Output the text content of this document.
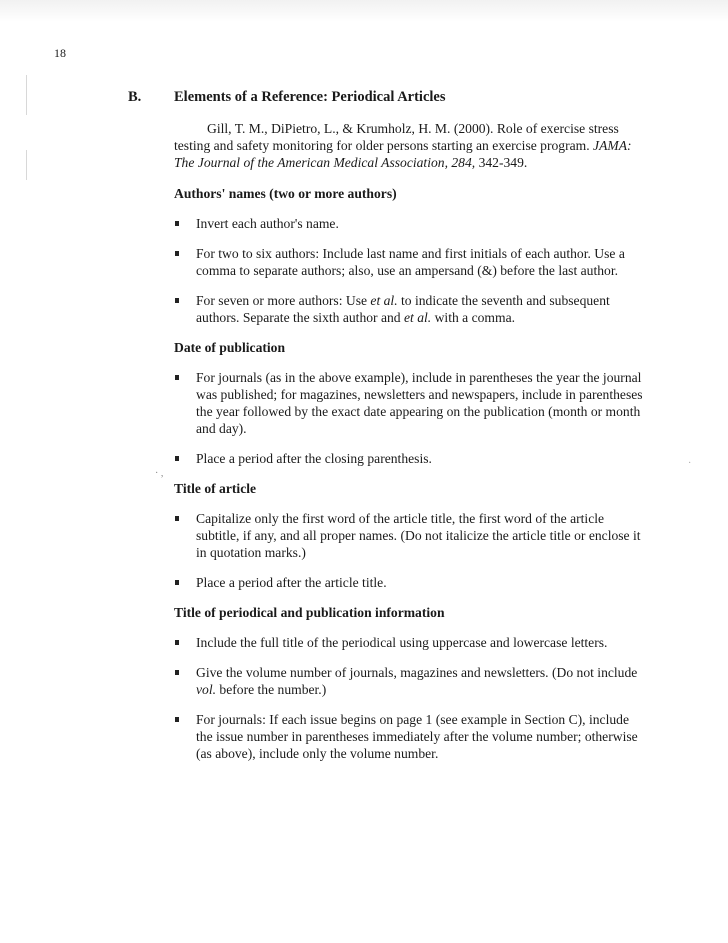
· ,
·
18
B. Elements of a Reference: Periodical Articles

Gill, T. M., DiPietro, L., & Krumholz, H. M. (2000). Role of exercise stress testing and safety monitoring for older persons starting an exercise program. JAMA: The Journal of the American Medical Association, 284, 342-349.

Authors' names (two or more authors)
Invert each author's name.
For two to six authors: Include last name and first initials of each author. Use a comma to separate authors; also, use an ampersand (&) before the last author.
For seven or more authors: Use et al. to indicate the seventh and subsequent authors. Separate the sixth author and et al. with a comma.
Date of publication
For journals (as in the above example), include in parentheses the year the journal was published; for magazines, newsletters and newspapers, include in parentheses the year followed by the exact date appearing on the publication (month or month and day).
Place a period after the closing parenthesis.
Title of article
Capitalize only the first word of the article title, the first word of the article subtitle, if any, and all proper names. (Do not italicize the article title or enclose it in quotation marks.)
Place a period after the article title.
Title of periodical and publication information
Include the full title of the periodical using uppercase and lowercase letters.
Give the volume number of journals, magazines and newsletters. (Do not include vol. before the number.)
For journals: If each issue begins on page 1 (see example in Section C), include the issue number in parentheses immediately after the volume number; otherwise (as above), include only the volume number.
